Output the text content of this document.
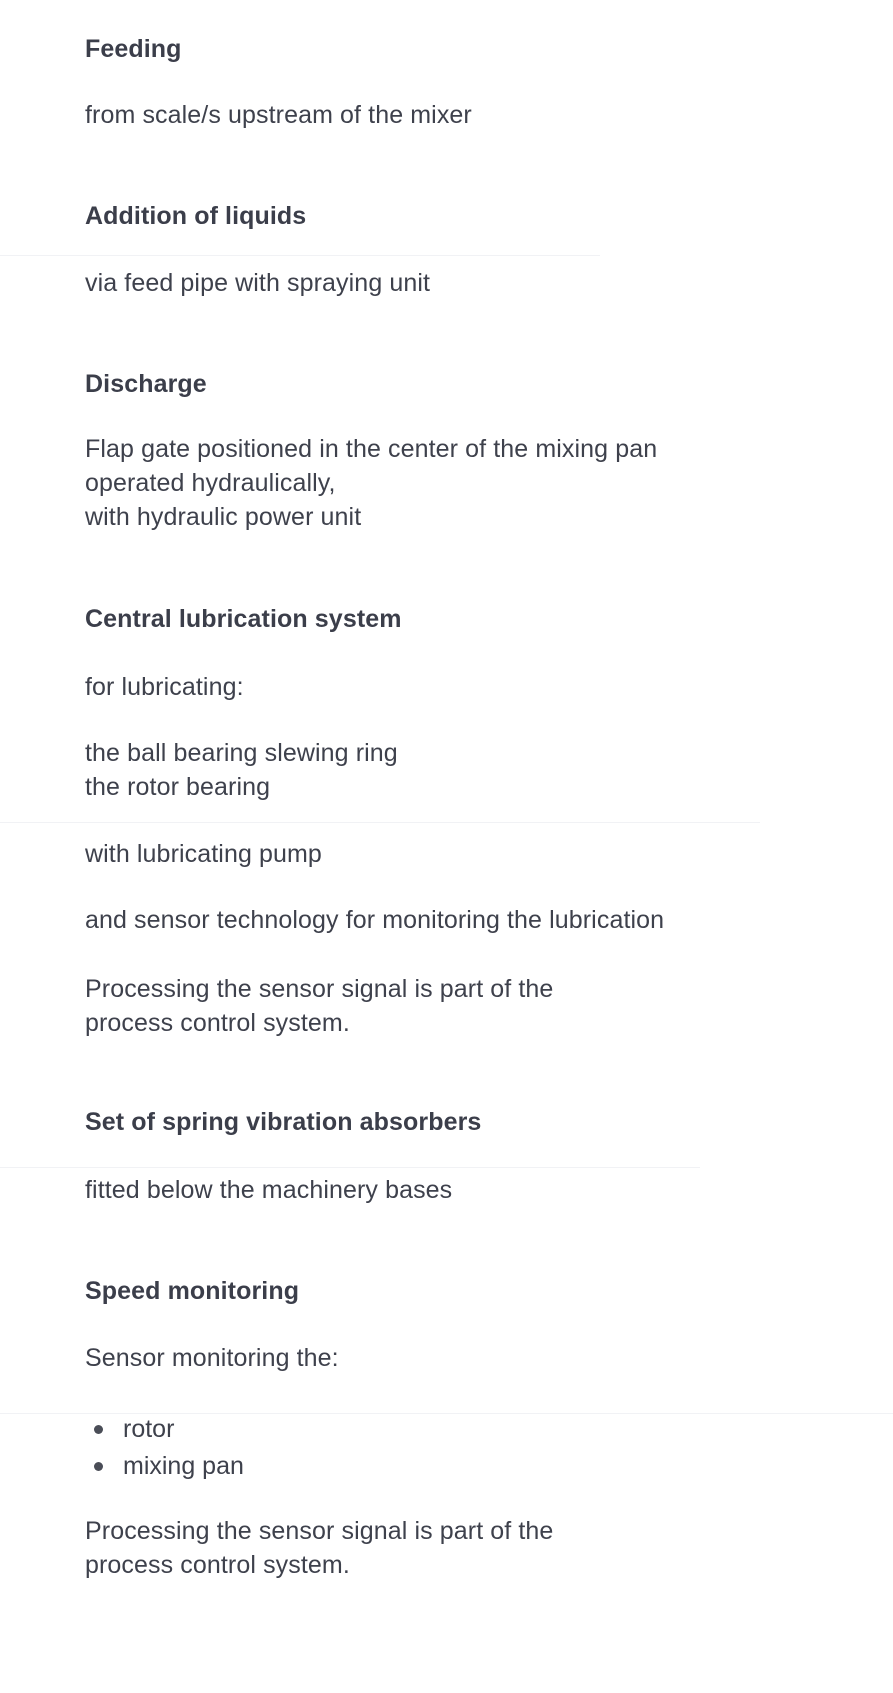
Feeding
from scale/s upstream of the mixer
Addition of liquids
via feed pipe with spraying unit
Discharge
Flap gate positioned in the center of the mixing pan
operated hydraulically,
with hydraulic power unit
Central lubrication system
for lubricating:
the ball bearing slewing ring
the rotor bearing
with lubricating pump
and sensor technology for monitoring the lubrication
Processing the sensor signal is part of the
process control system.
Set of spring vibration absorbers
fitted below the machinery bases
Speed monitoring
Sensor monitoring the:
rotor
mixing pan
Processing the sensor signal is part of the
process control system.
